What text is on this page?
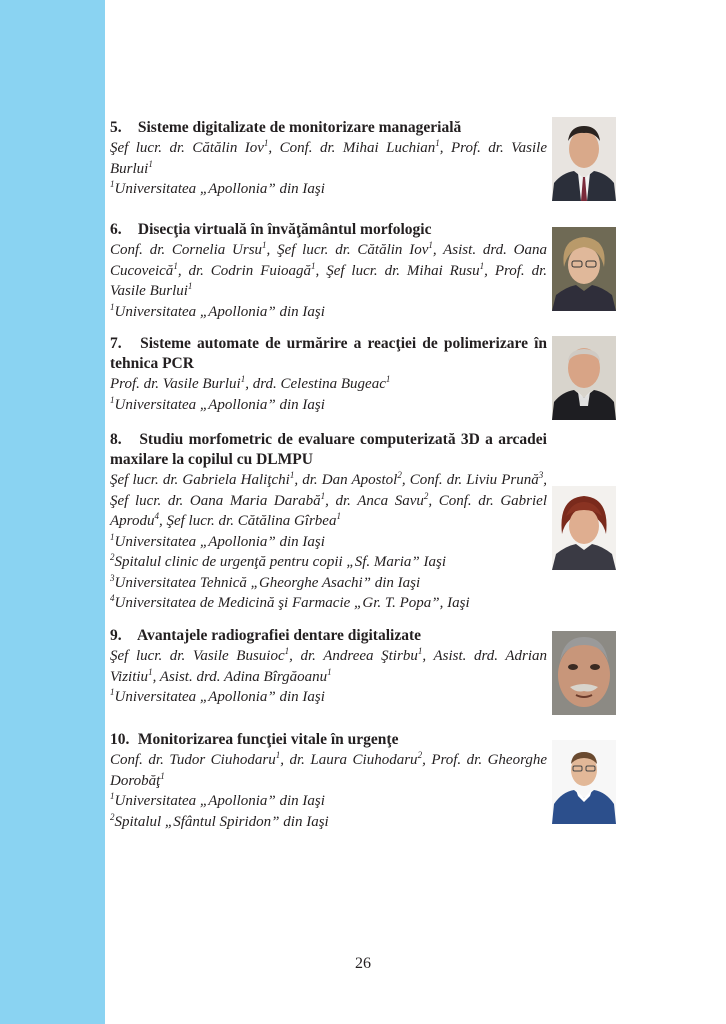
5. Sisteme digitalizate de monitorizare managerială
Şef lucr. dr. Cătălin Iov$^1$, Conf. dr. Mihai Luchian$^1$, Prof. dr. Vasile Burlui$^1$
$^1$Universitatea „Apollonia” din Iaşi
6. Disecţia virtuală în învăţământul morfologic
Conf. dr. Cornelia Ursu$^1$, Şef lucr. dr. Cătălin Iov$^1$, Asist. drd. Oana Cucoveică$^1$, dr. Codrin Fuioagă$^1$, Şef lucr. dr. Mihai Rusu$^1$, Prof. dr. Vasile Burlui$^1$
$^1$Universitatea „Apollonia” din Iaşi
7. Sisteme automate de urmărire a reacţiei de polimerizare în tehnica PCR
Prof. dr. Vasile Burlui$^1$, drd. Celestina Bugeac$^1$
$^1$Universitatea „Apollonia” din Iaşi
8. Studiu morfometric de evaluare computerizată 3D a arcadei maxilare la copilul cu DLMPU
Şef lucr. dr. Gabriela Haliţchi$^1$, dr. Dan Apostol$^2$, Conf. dr. Liviu Prună$^3$, Şef lucr. dr. Oana Maria Darabă$^1$, dr. Anca Savu$^2$, Conf. dr. Gabriel Aprodu$^4$, Şef lucr. dr. Cătălina Gîrbea$^1$
$^1$Universitatea „Apollonia” din Iaşi
$^2$Spitalul clinic de urgenţă pentru copii „Sf. Maria” Iaşi
$^3$Universitatea Tehnică „Gheorghe Asachi” din Iaşi
$^4$Universitatea de Medicină şi Farmacie „Gr. T. Popa”, Iaşi
9. Avantajele radiografiei dentare digitalizate
Şef lucr. dr. Vasile Busuioc$^1$, dr. Andreea Ştirbu$^1$, Asist. drd. Adrian Vizitiu$^1$, Asist. drd. Adina Bîrgăoanu$^1$
$^1$Universitatea „Apollonia” din Iaşi
10. Monitorizarea funcţiei vitale în urgenţe
Conf. dr. Tudor Ciuhodaru$^1$, dr. Laura Ciuhodaru$^2$, Prof. dr. Gheorghe Dorobăţ$^1$
$^1$Universitatea „Apollonia” din Iaşi
$^2$Spitalul „Sfântul Spiridon” din Iaşi
26
